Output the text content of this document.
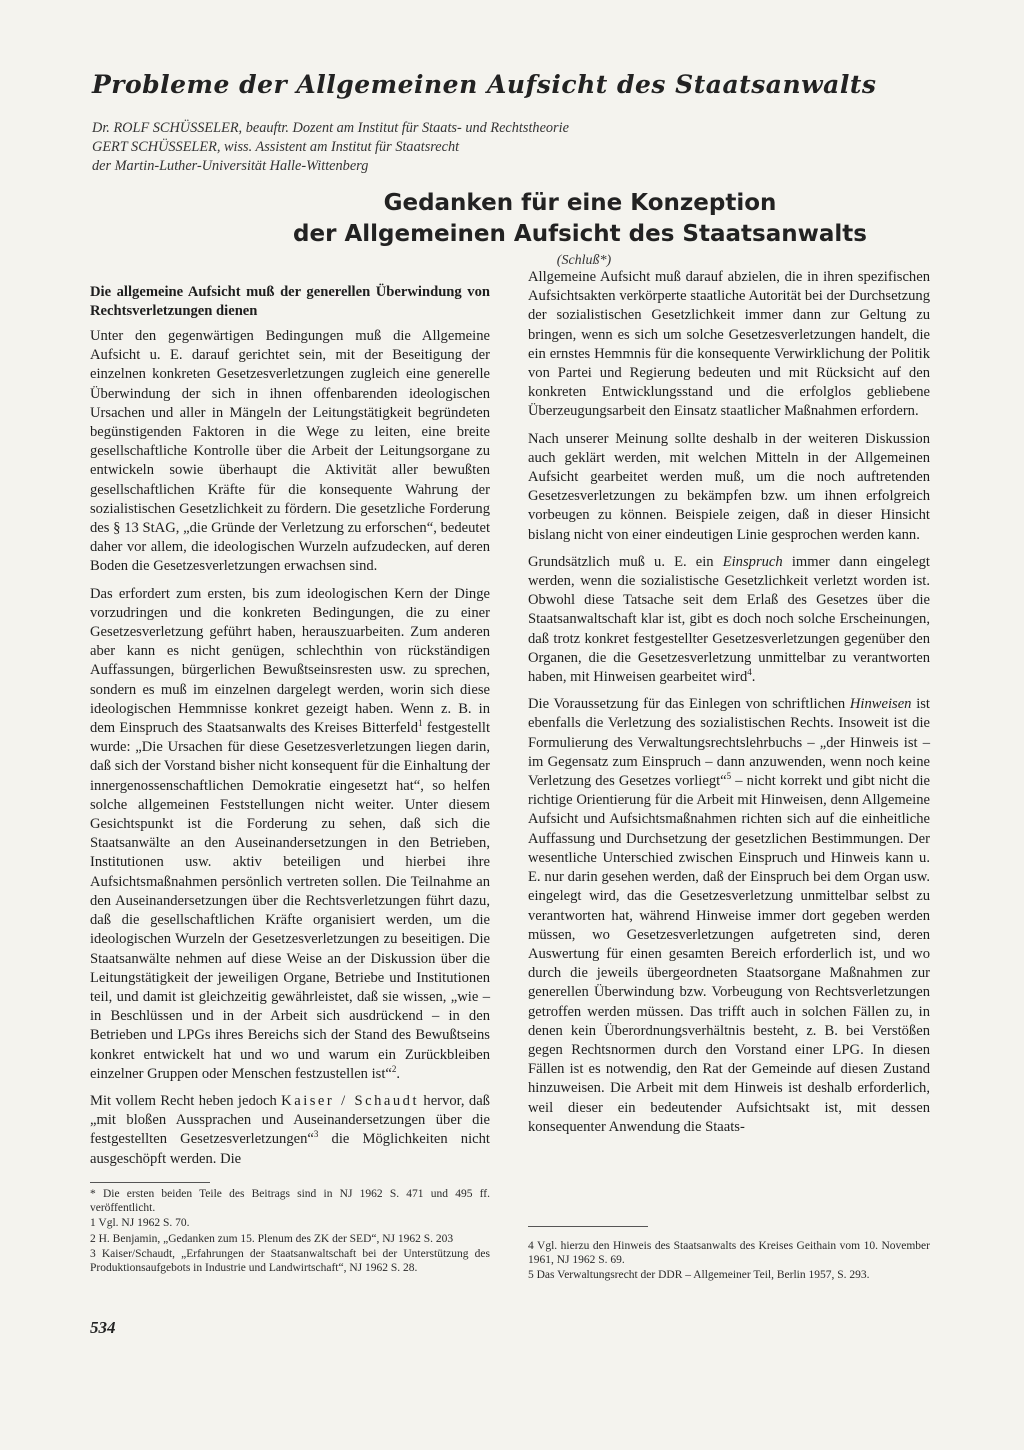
Probleme der Allgemeinen Aufsicht des Staatsanwalts
Dr. ROLF SCHÜSSELER, beauftr. Dozent am Institut für Staats- und Rechtstheorie
GERT SCHÜSSELER, wiss. Assistent am Institut für Staatsrecht
der Martin-Luther-Universität Halle-Wittenberg
Gedanken für eine Konzeption
der Allgemeinen Aufsicht des Staatsanwalts
(Schluß*)
Die allgemeine Aufsicht muß der generellen Überwindung von Rechtsverletzungen dienen

Unter den gegenwärtigen Bedingungen muß die Allgemeine Aufsicht u. E. darauf gerichtet sein, mit der Beseitigung der einzelnen konkreten Gesetzesverletzungen zugleich eine generelle Überwindung der sich in ihnen offenbarenden ideologischen Ursachen und aller in Mängeln der Leitungstätigkeit begründeten begünstigenden Faktoren in die Wege zu leiten, eine breite gesellschaftliche Kontrolle über die Arbeit der Leitungsorgane zu entwickeln sowie überhaupt die Aktivität aller bewußten gesellschaftlichen Kräfte für die konsequente Wahrung der sozialistischen Gesetzlichkeit zu fördern. Die gesetzliche Forderung des § 13 StAG, „die Gründe der Verletzung zu erforschen“, bedeutet daher vor allem, die ideologischen Wurzeln aufzudecken, auf deren Boden die Gesetzesverletzungen erwachsen sind.

Das erfordert zum ersten, bis zum ideologischen Kern der Dinge vorzudringen und die konkreten Bedingungen, die zu einer Gesetzesverletzung geführt haben, herauszuarbeiten. Zum anderen aber kann es nicht genügen, schlechthin von rückständigen Auffassungen, bürgerlichen Bewußtseinsresten usw. zu sprechen, sondern es muß im einzelnen dargelegt werden, worin sich diese ideologischen Hemmnisse konkret gezeigt haben. Wenn z. B. in dem Einspruch des Staatsanwalts des Kreises Bitterfeld$^1$ festgestellt wurde: „Die Ursachen für diese Gesetzesverletzungen liegen darin, daß sich der Vorstand bisher nicht konsequent für die Einhaltung der innergenossenschaftlichen Demokratie eingesetzt hat“, so helfen solche allgemeinen Feststellungen nicht weiter. Unter diesem Gesichtspunkt ist die Forderung zu sehen, daß sich die Staatsanwälte an den Auseinandersetzungen in den Betrieben, Institutionen usw. aktiv beteiligen und hierbei ihre Aufsichtsmaßnahmen persönlich vertreten sollen. Die Teilnahme an den Auseinandersetzungen über die Rechtsverletzungen führt dazu, daß die gesellschaftlichen Kräfte organisiert werden, um die ideologischen Wurzeln der Gesetzesverletzungen zu beseitigen. Die Staatsanwälte nehmen auf diese Weise an der Diskussion über die Leitungstätigkeit der jeweiligen Organe, Betriebe und Institutionen teil, und damit ist gleichzeitig gewährleistet, daß sie wissen, „wie – in Beschlüssen und in der Arbeit sich ausdrückend – in den Betrieben und LPGs ihres Bereichs sich der Stand des Bewußtseins konkret entwickelt hat und wo und warum ein Zurückbleiben einzelner Gruppen oder Menschen festzustellen ist“$^2$.

Mit vollem Recht heben jedoch Kaiser / Schaudt hervor, daß „mit bloßen Aussprachen und Auseinandersetzungen über die festgestellten Gesetzesverletzungen“$^3$ die Möglichkeiten nicht ausgeschöpft werden. Die

Allgemeine Aufsicht muß darauf abzielen, die in ihren spezifischen Aufsichtsakten verkörperte staatliche Autorität bei der Durchsetzung der sozialistischen Gesetzlichkeit immer dann zur Geltung zu bringen, wenn es sich um solche Gesetzesverletzungen handelt, die ein ernstes Hemmnis für die konsequente Verwirklichung der Politik von Partei und Regierung bedeuten und mit Rücksicht auf den konkreten Entwicklungsstand und die erfolglos gebliebene Überzeugungsarbeit den Einsatz staatlicher Maßnahmen erfordern.

Nach unserer Meinung sollte deshalb in der weiteren Diskussion auch geklärt werden, mit welchen Mitteln in der Allgemeinen Aufsicht gearbeitet werden muß, um die noch auftretenden Gesetzesverletzungen zu bekämpfen bzw. um ihnen erfolgreich vorbeugen zu können. Beispiele zeigen, daß in dieser Hinsicht bislang nicht von einer eindeutigen Linie gesprochen werden kann.

Grundsätzlich muß u. E. ein Einspruch immer dann eingelegt werden, wenn die sozialistische Gesetzlichkeit verletzt worden ist. Obwohl diese Tatsache seit dem Erlaß des Gesetzes über die Staatsanwaltschaft klar ist, gibt es doch noch solche Erscheinungen, daß trotz konkret festgestellter Gesetzesverletzungen gegenüber den Organen, die die Gesetzesverletzung unmittelbar zu verantworten haben, mit Hinweisen gearbeitet wird$^4$.

Die Voraussetzung für das Einlegen von schriftlichen Hinweisen ist ebenfalls die Verletzung des sozialistischen Rechts. Insoweit ist die Formulierung des Verwaltungsrechtslehrbuchs – „der Hinweis ist – im Gegensatz zum Einspruch – dann anzuwenden, wenn noch keine Verletzung des Gesetzes vorliegt“$^5$ – nicht korrekt und gibt nicht die richtige Orientierung für die Arbeit mit Hinweisen, denn Allgemeine Aufsicht und Aufsichtsmaßnahmen richten sich auf die einheitliche Auffassung und Durchsetzung der gesetzlichen Bestimmungen. Der wesentliche Unterschied zwischen Einspruch und Hinweis kann u. E. nur darin gesehen werden, daß der Einspruch bei dem Organ usw. eingelegt wird, das die Gesetzesverletzung unmittelbar selbst zu verantworten hat, während Hinweise immer dort gegeben werden müssen, wo Gesetzesverletzungen aufgetreten sind, deren Auswertung für einen gesamten Bereich erforderlich ist, und wo durch die jeweils übergeordneten Staatsorgane Maßnahmen zur generellen Überwindung bzw. Vorbeugung von Rechtsverletzungen getroffen werden müssen. Das trifft auch in solchen Fällen zu, in denen kein Überordnungsverhältnis besteht, z. B. bei Verstößen gegen Rechtsnormen durch den Vorstand einer LPG. In diesen Fällen ist es notwendig, den Rat der Gemeinde auf diesen Zustand hinzuweisen. Die Arbeit mit dem Hinweis ist deshalb erforderlich, weil dieser ein bedeutender Aufsichtsakt ist, mit dessen konsequenter Anwendung die Staats-

* Die ersten beiden Teile des Beitrags sind in NJ 1962 S. 471 und 495 ff. veröffentlicht.

1 Vgl. NJ 1962 S. 70.

2 H. Benjamin, „Gedanken zum 15. Plenum des ZK der SED“, NJ 1962 S. 203

3 Kaiser/Schaudt, „Erfahrungen der Staatsanwaltschaft bei der Unterstützung des Produktionsaufgebots in Industrie und Landwirtschaft“, NJ 1962 S. 28.

4 Vgl. hierzu den Hinweis des Staatsanwalts des Kreises Geithain vom 10. November 1961, NJ 1962 S. 69.

5 Das Verwaltungsrecht der DDR – Allgemeiner Teil, Berlin 1957, S. 293.

534
